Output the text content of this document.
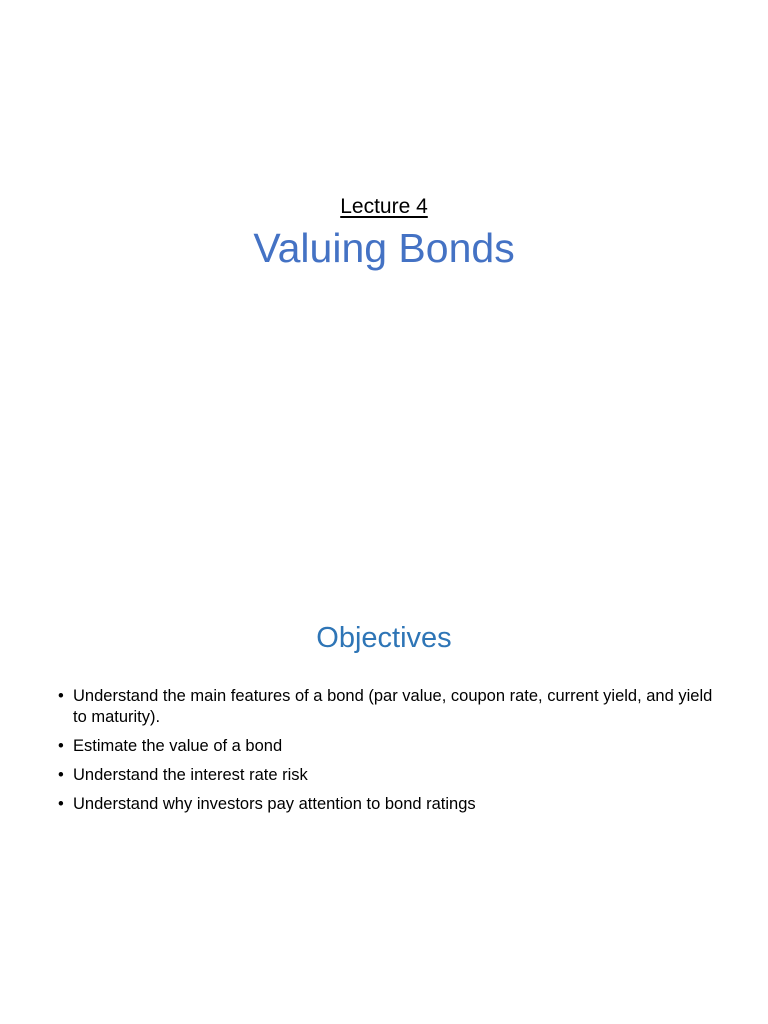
Lecture 4
Valuing Bonds
Objectives
• Understand the main features of a bond (par value, coupon rate, current yield, and yield to maturity).
• Estimate the value of a bond
• Understand the interest rate risk
• Understand why investors pay attention to bond ratings
